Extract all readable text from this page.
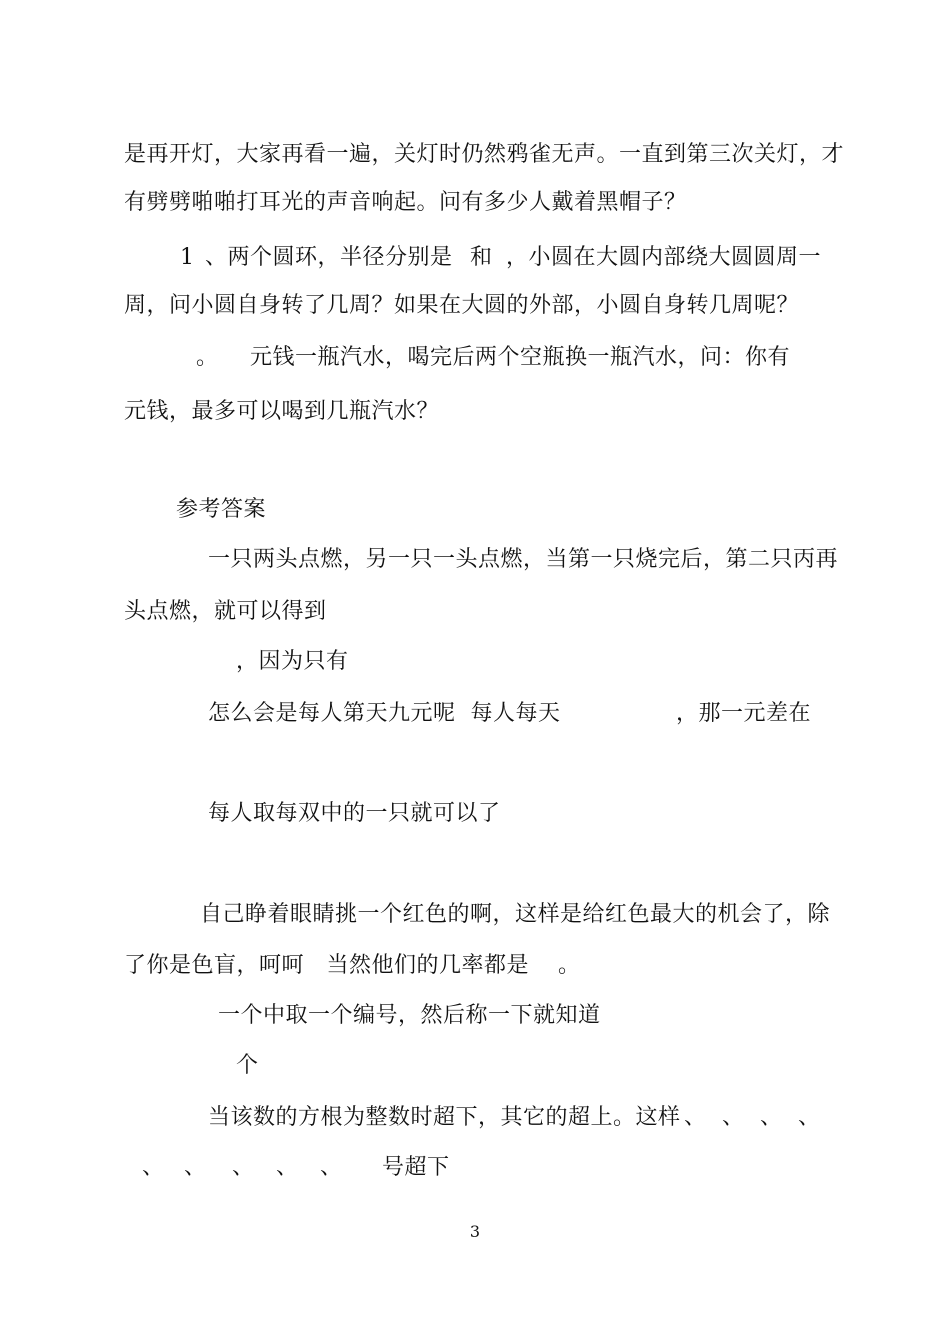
是再开灯，大家再看一遍，关灯时仍然鸦雀无声。一直到第三次关灯，才
有劈劈啪啪打耳光的声音响起。问有多少人戴着黑帽子？
1 、两个圆环，半径分别是 和 ，小圆在大圆内部绕大圆圆周一
周，问小圆自身转了几周？如果在大圆的外部，小圆自身转几周呢？
。 元钱一瓶汽水，喝完后两个空瓶换一瓶汽水，问：你有
元钱，最多可以喝到几瓶汽水？
参考答案
一只两头点燃，另一只一头点燃，当第一只烧完后，第二只丙再
头点燃，就可以得到
，因为只有
怎么会是每人第天九元呢  每人每天	，那一元差在
每人取每双中的一只就可以了
自己睁着眼睛挑一个红色的啊，这样是给红色最大的机会了，除
了你是色盲，呵呵   当然他们的几率都是 。
一个中取一个编号，然后称一下就知道
个
当该数的方根为整数时超下，其它的超上。这样 、 、 、 、
、 、 、 、 、 号超下
3
